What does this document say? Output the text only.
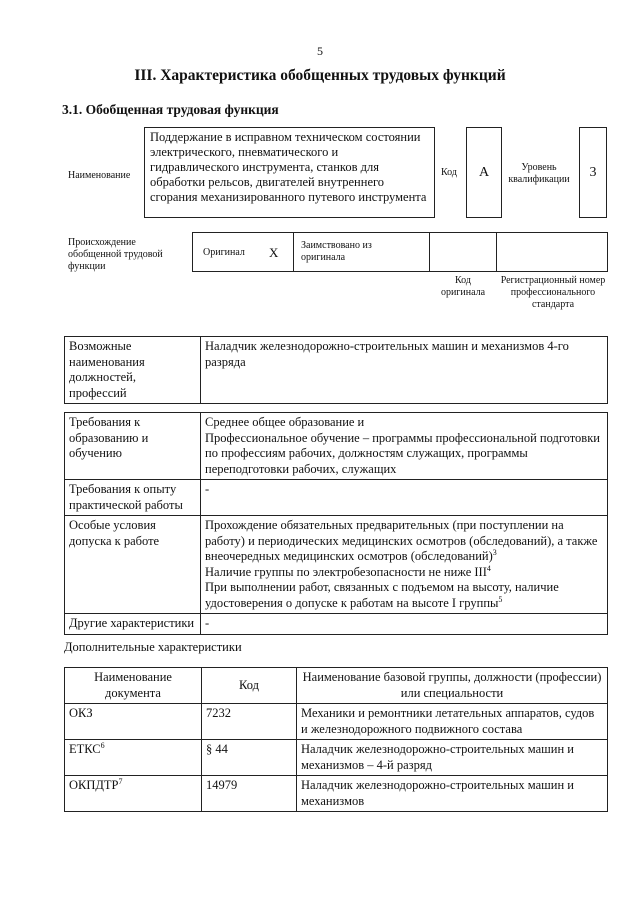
5
III. Характеристика обобщенных трудовых функций
3.1. Обобщенная трудовая функция
Наименование
Поддержание в исправном техническом состоянии электрического, пневматического и гидравлического инструмента, станков для обработки рельсов, двигателей внутреннего сгорания механизированного путевого инструмента
Код	А	Уровень квалификации	3
Происхождение обобщенной трудовой функции
Оригинал X Заимствовано из оригинала
Код оригинала
Регистрационный номер профессионального стандарта
Возможные наименования должностей, профессий	Наладчик железнодорожно-строительных машин и механизмов 4-го разряда
Требования к образованию и обучению	Среднее общее образование и
Профессиональное обучение – программы профессиональной подготовки по профессиям рабочих, должностям служащих, программы переподготовки рабочих, служащих

Требования к опыту практической работы	-
Особые условия допуска к работе	Прохождение обязательных предварительных (при поступлении на работу) и периодических медицинских осмотров (обследований), а также внеочередных медицинских осмотров (обследований)$^3$
Наличие группы по электробезопасности не ниже III$^4$
При выполнении работ, связанных с подъемом на высоту, наличие удостоверения о допуске к работам на высоте I группы$^5$

Другие характеристики	-
Дополнительные характеристики
Наименование документа	Код	Наименование базовой группы, должности (профессии) или специальности
ОКЗ	7232	Механики и ремонтники летательных аппаратов, судов и железнодорожного подвижного состава
ЕТКС$^6$	§ 44	Наладчик железнодорожно-строительных машин и механизмов – 4-й разряд
ОКПДТР$^7$	14979	Наладчик железнодорожно-строительных машин и механизмов
